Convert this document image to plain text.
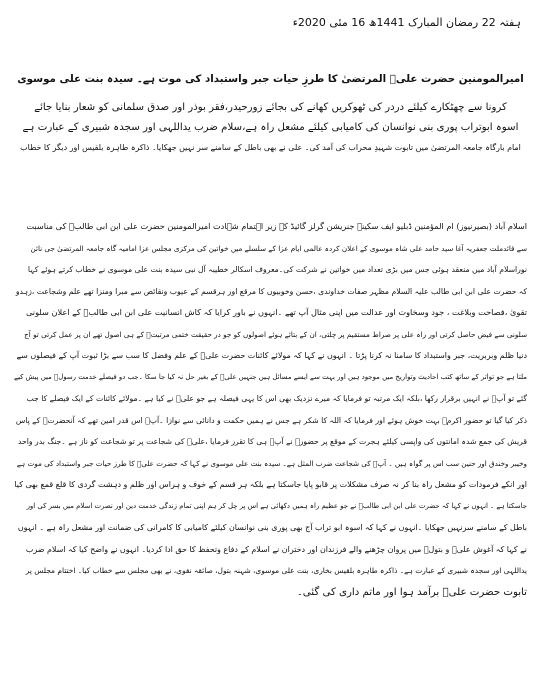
ہفتہ 22 رمضان المبارک 1441ھ 16 مئی 2020ء
امیرالمومنین حضرت علیؑ المرتضیٰ کا طرزِ حیات جبر واستبداد کی موت ہے۔ سیدہ بنت علی موسوی
کرونا سے چھٹکارے کیلئے دردر کی ٹھوکریں کھانے کی بجائے زورحیدر،فقر بوذر اور صدق سلمانی کو شعار بنایا جائے
اسوہ ابوتراب پوری بنی نوانسان کی کامیابی کیلئے مشعل راہ ہے،سلام ضرب یداللہی اور سجدہ شبیری کے عبارت ہے
امام بارگاہ جامعہ المرتضیٰ میں تابوت شہیدِ محراب کی آمد کی۔ علی نے بھی باطل کے سامنے سر نہیں جھکایا۔ ذاکرہ طاہرہ بلقیس اور دیگر کا خطاب
اسلام آباد (بصیرنیوز) ام المؤمنین ڈبلیو ایف سکینہ جنریشن گرلز گائیڈ کے زیر اہتمام شہادت امیرالمومنین حضرت علی ابن ابی طالبؑ کی مناسبت
سے قائدملت جعفریہ آغا سید حامد علی شاہ موسوی کے اعلان کردہ عالمی ایام عزا کے سلسلے میں خواتین کی مرکزی مجلس عزا امامیہ گاہ جامعہ المرتضیٰ جی نائن
نوراسلام آباد میں منعقد ہوئی جس میں بڑی تعداد میں خواتین نے شرکت کی۔معروف اسکالر خطیبہ آل نبی سیدہ بنت علی موسوی نے خطاب کرتے ہوئے کہا
کہ حضرت علی ابن ابی طالب علیہ السلام مظہر صفات خداوندی ،حسن وخوبیوں کا مرقع اور ہرقسم کے عیوب ونقائص سے مبرا ومنزا تھے علم وشجاعت ،زہدو
تقویٰ ،فصاحت وبلاغت ، جود وسخاوت اور عدالت میں اپنی مثال آپ تھے ۔انہوں نے باور کرایا کہ کاش انسانیت علی ابن ابی طالبؑ کے اعلان سلونی
سلونی سے فیض حاصل کرتی اور راہ علی پر صراط مستقیم پر چلتی، ان کے بتائے ہوئے اصولوں کو جو در حقیقت ختمی مرتبتؐ کے ہی اصول تھے ان پر عمل کرتی تو آج
دنیا ظلم وبربریت، جبر واستبداد کا سامنا نہ کرنا پڑتا ۔ انہوں نے کہا کہ مولائے کائنات حضرت علیؑ کے علم وفضل کا سب سے بڑا ثبوت آپ کے فیصلوں سے
ملتا ہے جو تواتر کے ساتھ کتب احادیث وتواریخ میں موجود ہیں اور بہت سے ایسے مسائل ہیں جنہیں علیؑ کے بغیر حل نہ کیا جا سکا ۔جب دو فیصلے خدمت رسولؐ میں پیش کیے
گئے تو آپؐ نے انہیں برقرار رکھا ،بلکہ ایک مرتبہ تو فرمایا کہ میرے نزدیک بھی اس کا یہی فیصلہ ہے جو علیؑ نے کیا ہے ۔مولائے کائنات کے ایک فیصلے کا جب
ذکر کیا گیا تو حضور اکرمؐ بہت خوش ہوئے اور فرمایا کہ اللہ کا شکر ہے جس نے ہمیں حکمت و دانائی سے نوازا ۔آپؐ اس قدر امین تھے کہ آنحضرتؐ کے پاس
قریش کی جمع شدہ امانتوں کی واپسی کیلئے ہجرت کے موقع پر حضورؐ نے آپؑ ہی کا تقرر فرمایا ،علیؑ کی شجاعت پر تو شجاعت کو ناز ہے ۔جنگ بدر واحد
وخیبر وخندق اور حنین سب اس پر گواہ ہیں ۔ آپؑ کی شجاعت ضرب المثل ہے۔ سیدہ بنت علی موسوی نے کہا کہ حضرت علیؑ کا طرز حیات جبر واستبداد کی موت ہے
اور انکے فرمودات کو مشعل راہ بنا کر نہ صرف مشکلات پر قابو پایا جاسکتا ہے بلکہ ہر قسم کے خوف و ہراس اور ظلم و دہشت گردی کا قلع قمع بھی کیا
جاسکتا ہے ۔ انہوں نے کہا کہ حضرت علی ابن ابی طالبؑ نے جو عظیم راہ ہمیں دکھائی ہے اس پر چل کر ہم اپنی تمام زندگی خدمت دین اور نصرت اسلام میں بسر کی اور
باطل کے سامنے سرنہیں جھکایا ۔انہوں نے کہا کہ اسوہ ابو تراب آج بھی پوری بنی نوانسان کیلئے کامیابی کا کامرانی کی ضمانت اور مشعل راہ ہے ۔ انہوں
نے کہا کہ آغوش علیؑ و بتولؑ میں پروان چڑھنے والے فرزندان اور دختران نے اسلام کے دفاع وتحفظ کا حق ادا کردیا۔ انہوں نے واضح کیا کہ اسلام ضرب
یداللہی اور سجدہ شبیری کے عبارت ہے۔ ذاکرہ طاہرہ بلقیس بخاری، بنت علی موسوی، شہنہ بتول، صائقہ نقوی، نے بھی مجلس سے خطاب کیا۔ اختتام مجلس پر
تابوت حضرت علیؑ برآمد ہوا اور ماتم داری کی گئی۔
